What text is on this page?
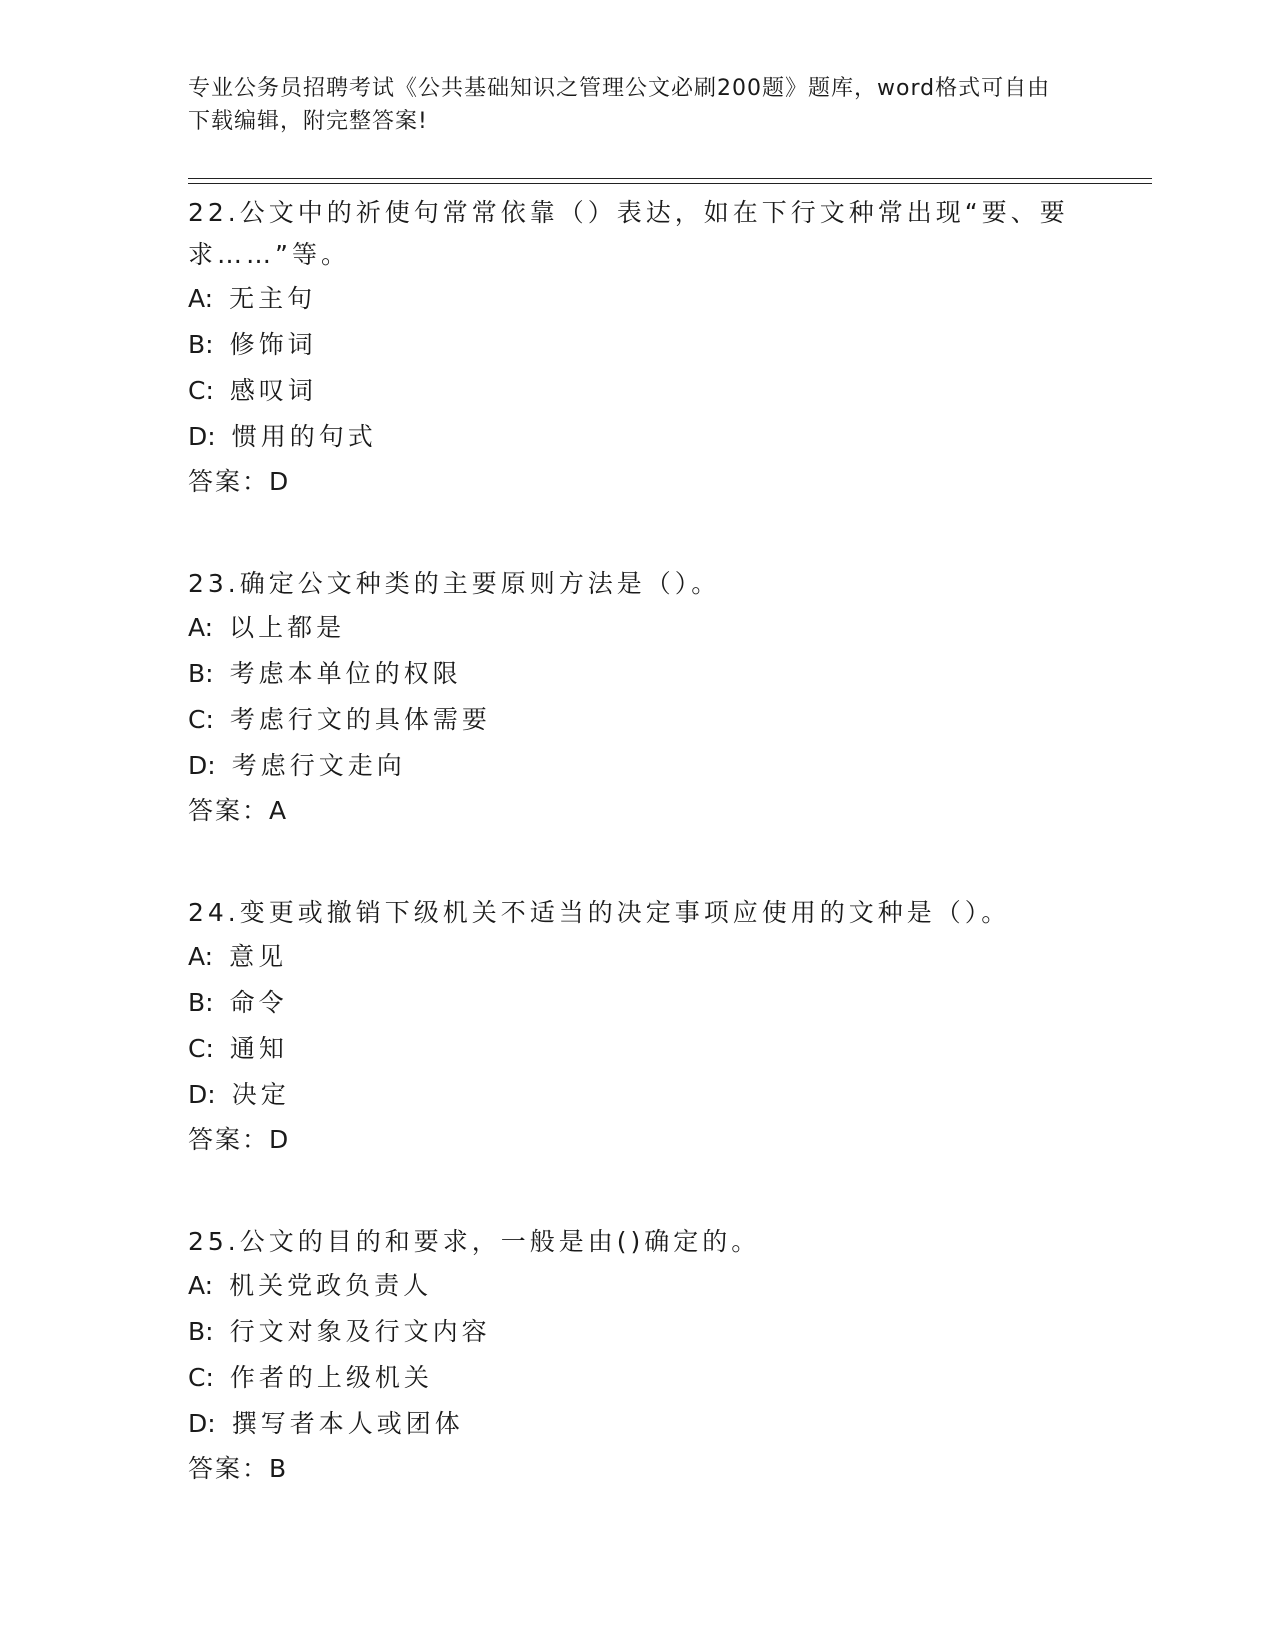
专业公务员招聘考试《公共基础知识之管理公文必刷200题》题库，word格式可自由下载编辑，附完整答案!

22.公文中的祈使句常常依靠（）表达，如在下行文种常出现“要、要求……”等。

A: 无主句

B: 修饰词

C: 感叹词

D: 惯用的句式

答案：D

23.确定公文种类的主要原则方法是（）。

A: 以上都是

B: 考虑本单位的权限

C: 考虑行文的具体需要

D: 考虑行文走向

答案：A

24.变更或撤销下级机关不适当的决定事项应使用的文种是（）。

A: 意见

B: 命令

C: 通知

D: 决定

答案：D

25.公文的目的和要求，一般是由()确定的。

A: 机关党政负责人

B: 行文对象及行文内容

C: 作者的上级机关

D: 撰写者本人或团体

答案：B
